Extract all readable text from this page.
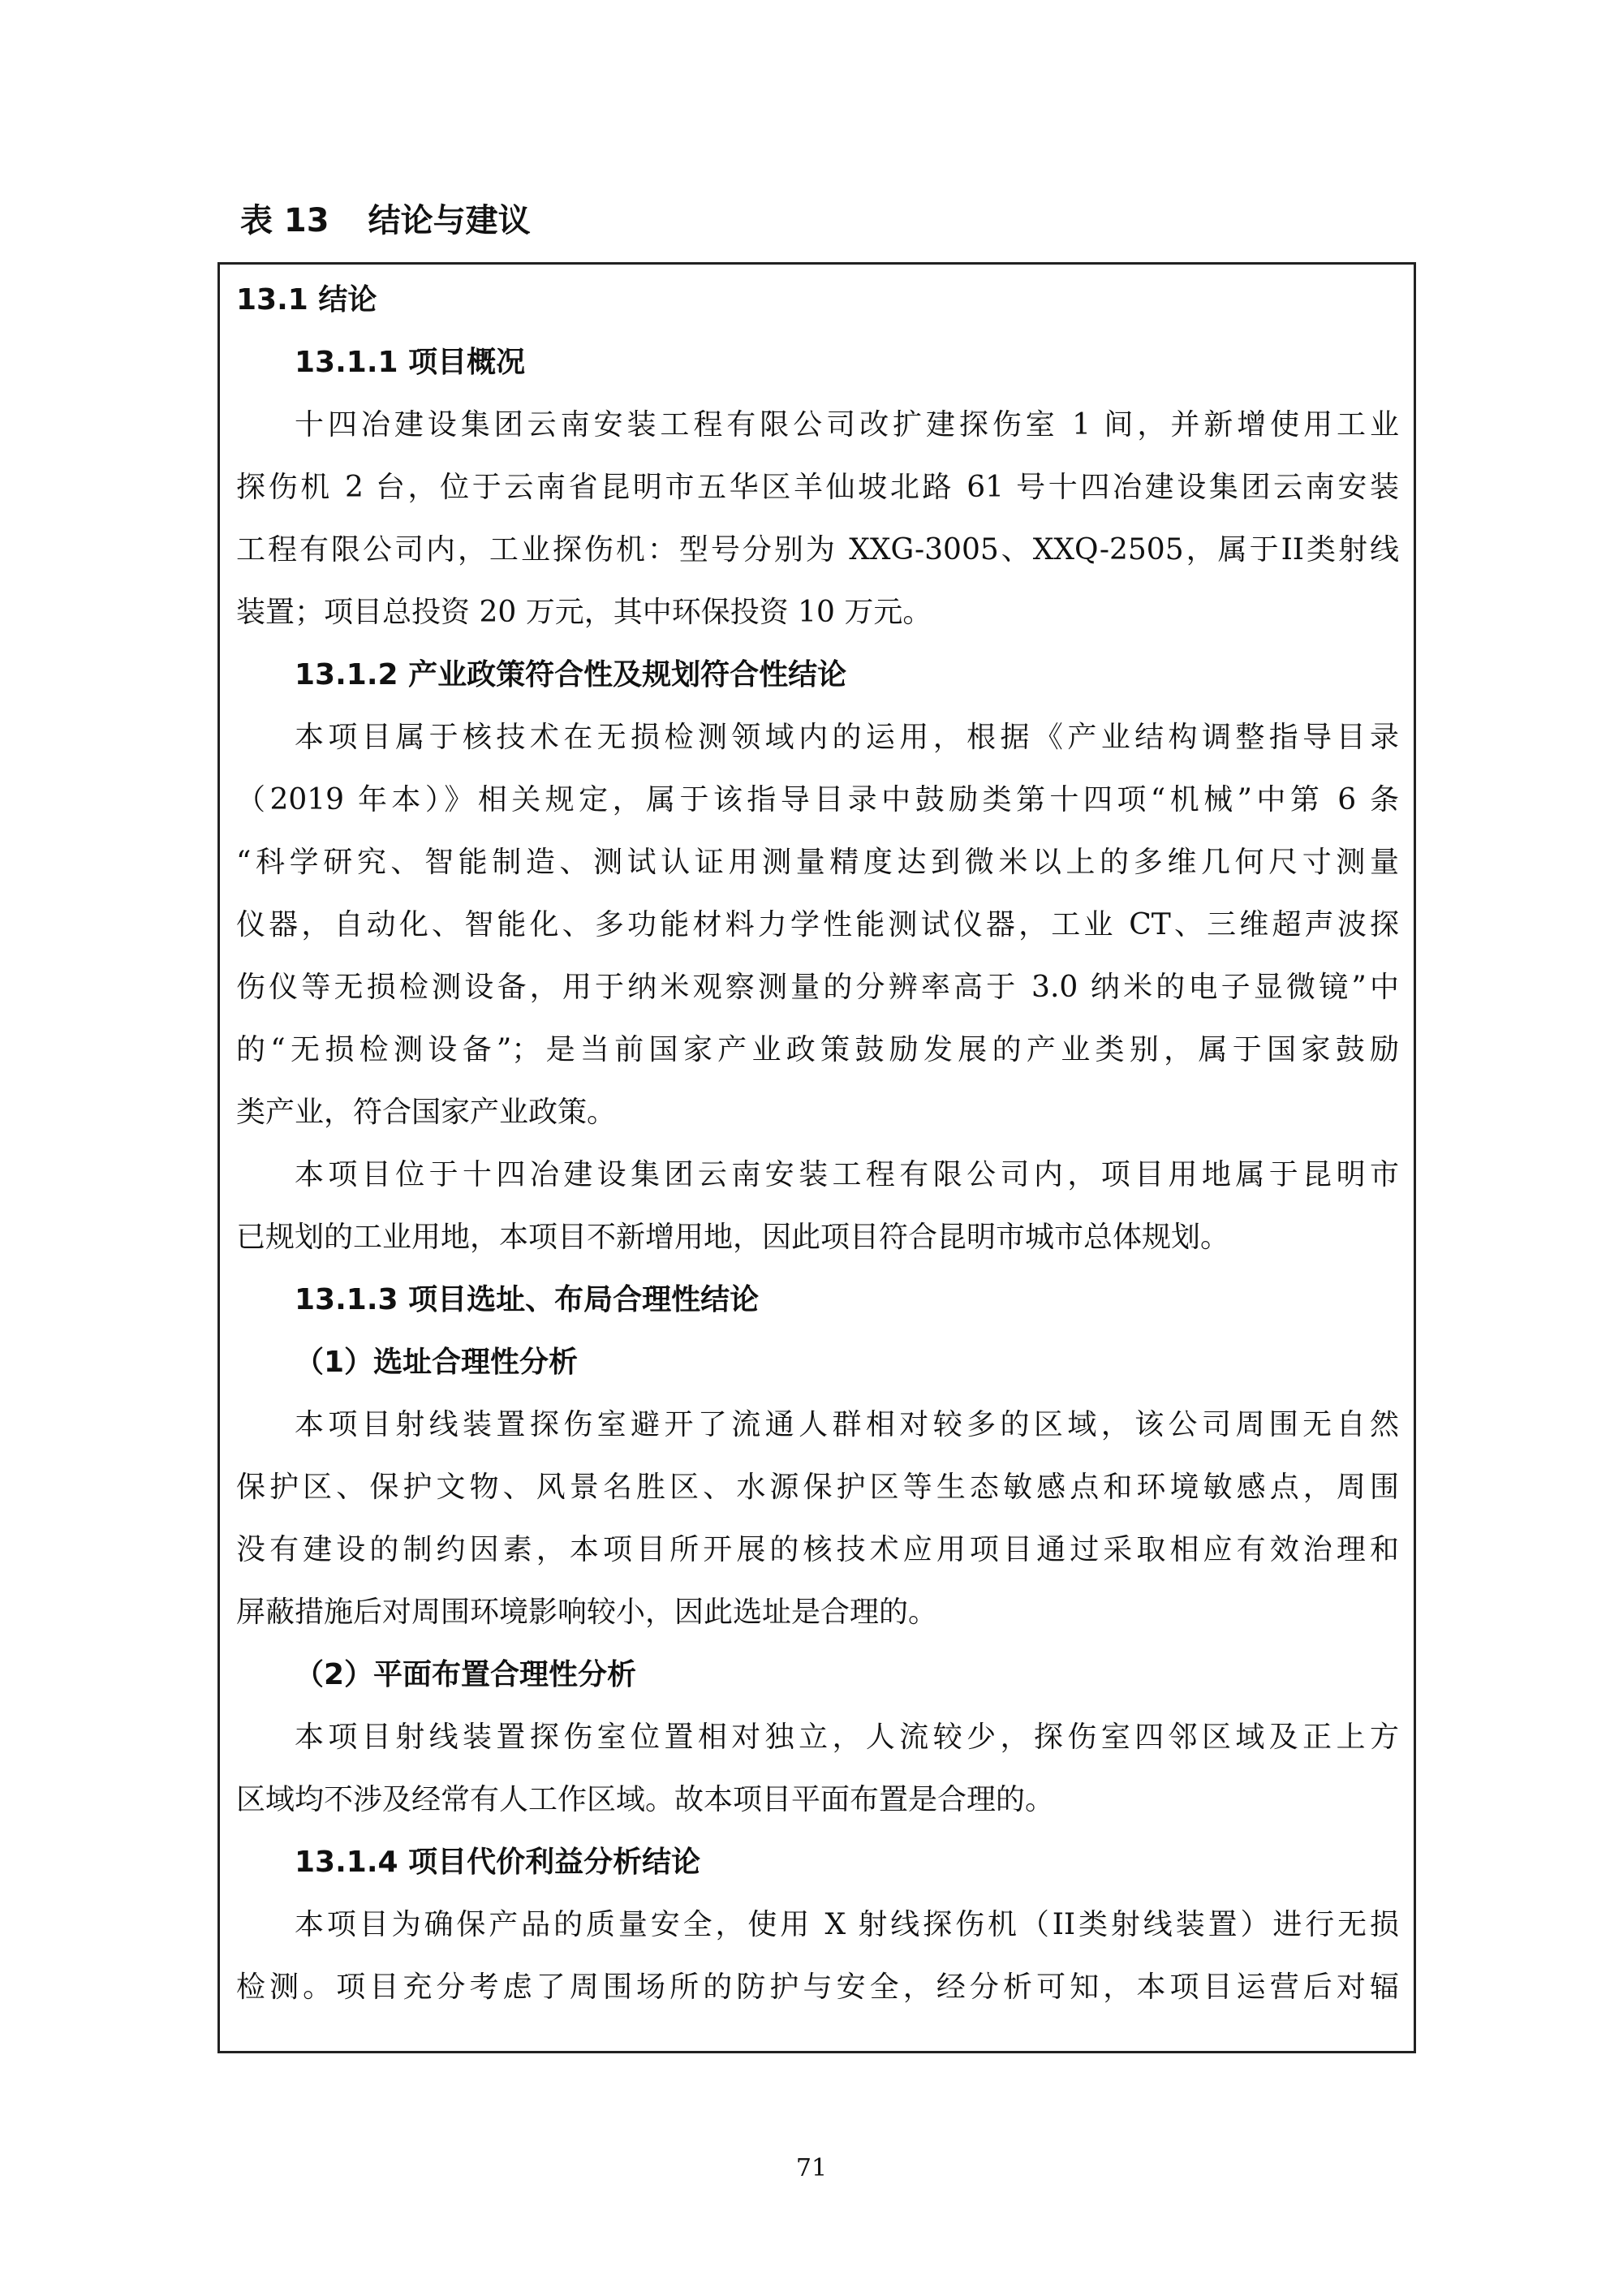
表 13 结论与建议
13.1 结论
13.1.1 项目概况
十四冶建设集团云南安装工程有限公司改扩建探伤室 1 间，并新增使用工业
探伤机 2 台，位于云南省昆明市五华区羊仙坡北路 61 号十四冶建设集团云南安装
工程有限公司内，工业探伤机：型号分别为 XXG-3005、XXQ-2505，属于II类射线
装置；项目总投资 20 万元，其中环保投资 10 万元。
13.1.2 产业政策符合性及规划符合性结论
本项目属于核技术在无损检测领域内的运用，根据《产业结构调整指导目录
（2019 年本）》相关规定，属于该指导目录中鼓励类第十四项“机械”中第 6 条
“科学研究、智能制造、测试认证用测量精度达到微米以上的多维几何尺寸测量
仪器，自动化、智能化、多功能材料力学性能测试仪器，工业 CT、三维超声波探
伤仪等无损检测设备，用于纳米观察测量的分辨率高于 3.0 纳米的电子显微镜”中
的“无损检测设备”；是当前国家产业政策鼓励发展的产业类别，属于国家鼓励
类产业，符合国家产业政策。
本项目位于十四冶建设集团云南安装工程有限公司内，项目用地属于昆明市
已规划的工业用地，本项目不新增用地，因此项目符合昆明市城市总体规划。
13.1.3 项目选址、布局合理性结论
（1）选址合理性分析
本项目射线装置探伤室避开了流通人群相对较多的区域，该公司周围无自然
保护区、保护文物、风景名胜区、水源保护区等生态敏感点和环境敏感点，周围
没有建设的制约因素，本项目所开展的核技术应用项目通过采取相应有效治理和
屏蔽措施后对周围环境影响较小，因此选址是合理的。
（2）平面布置合理性分析
本项目射线装置探伤室位置相对独立，人流较少，探伤室四邻区域及正上方
区域均不涉及经常有人工作区域。故本项目平面布置是合理的。
13.1.4 项目代价利益分析结论
本项目为确保产品的质量安全，使用 X 射线探伤机（II类射线装置）进行无损
检测。项目充分考虑了周围场所的防护与安全，经分析可知，本项目运营后对辐
71
